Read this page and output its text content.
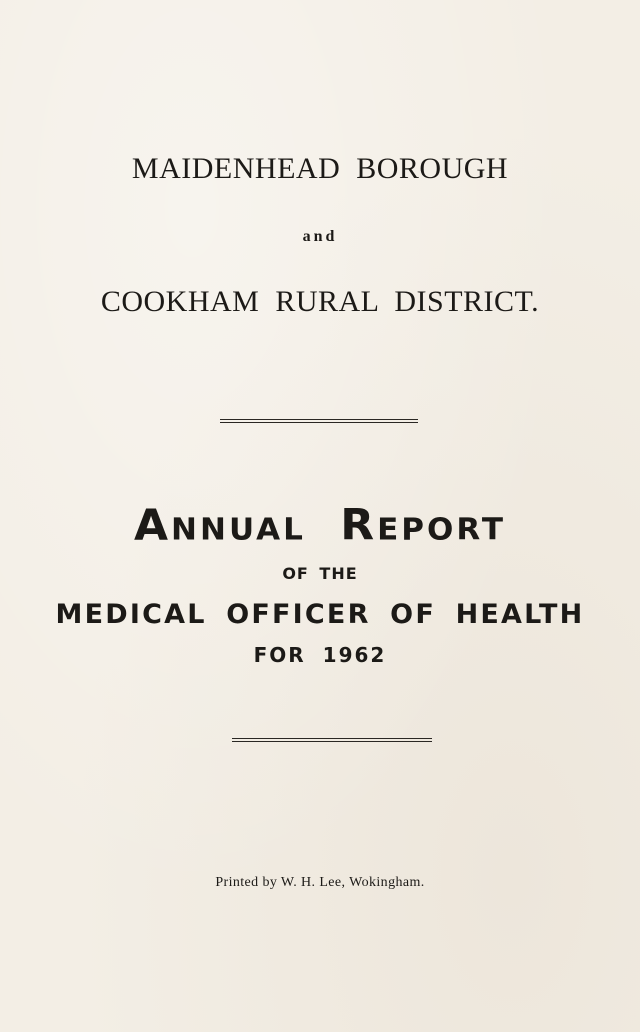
MAIDENHEAD BOROUGH
and
COOKHAM RURAL DISTRICT.
Annual Report
OF THE
MEDICAL OFFICER OF HEALTH
FOR 1962
Printed by W. H. Lee, Wokingham.
